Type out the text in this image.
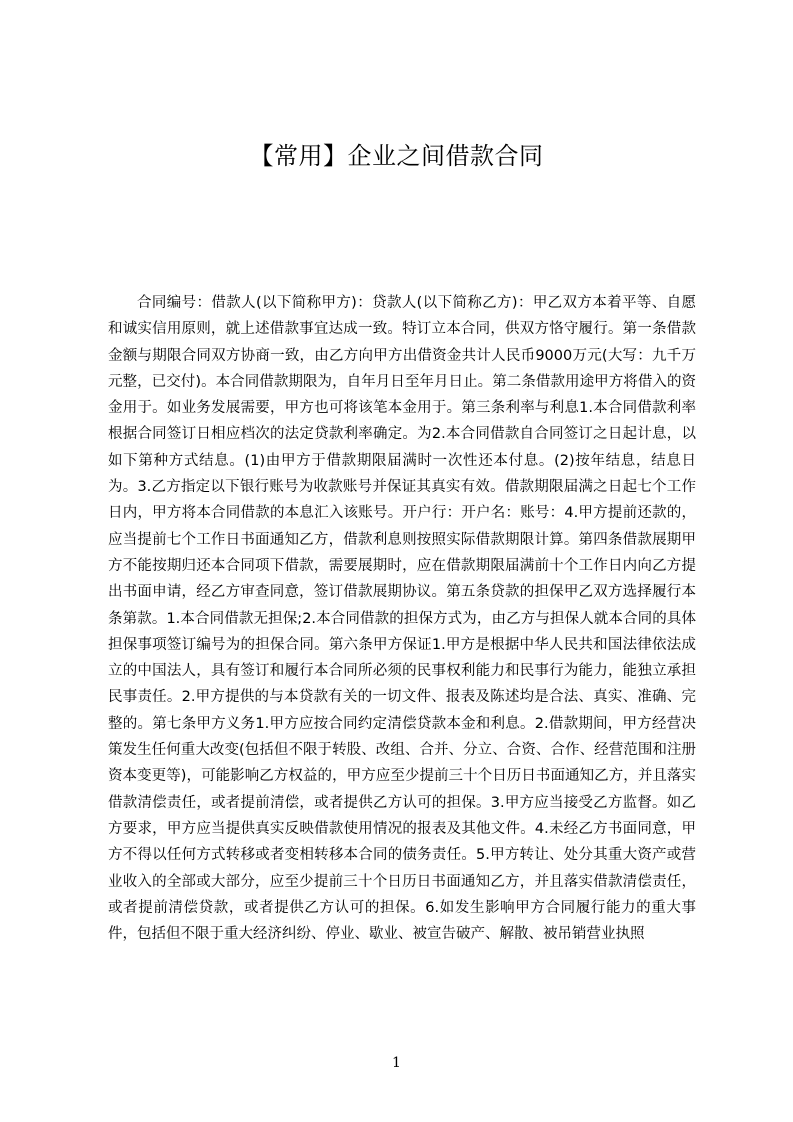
【常用】企业之间借款合同

合同编号：借款人(以下简称甲方)：贷款人(以下简称乙方)：甲乙双方本着平等、自愿和诚实信用原则，就上述借款事宜达成一致。特订立本合同，供双方恪守履行。第一条借款金额与期限合同双方协商一致，由乙方向甲方出借资金共计人民币9000万元(大写：九千万元整，已交付)。本合同借款期限为，自年月日至年月日止。第二条借款用途甲方将借入的资金用于。如业务发展需要，甲方也可将该笔本金用于。第三条利率与利息1.本合同借款利率根据合同签订日相应档次的法定贷款利率确定。为2.本合同借款自合同签订之日起计息，以如下第种方式结息。(1)由甲方于借款期限届满时一次性还本付息。(2)按年结息，结息日为。3.乙方指定以下银行账号为收款账号并保证其真实有效。借款期限届满之日起七个工作日内，甲方将本合同借款的本息汇入该账号。开户行：开户名：账号：4.甲方提前还款的，应当提前七个工作日书面通知乙方，借款利息则按照实际借款期限计算。第四条借款展期甲方不能按期归还本合同项下借款，需要展期时，应在借款期限届满前十个工作日内向乙方提出书面申请，经乙方审查同意，签订借款展期协议。第五条贷款的担保甲乙双方选择履行本条第款。1.本合同借款无担保;2.本合同借款的担保方式为，由乙方与担保人就本合同的具体担保事项签订编号为的担保合同。第六条甲方保证1.甲方是根据中华人民共和国法律依法成立的中国法人，具有签订和履行本合同所必须的民事权利能力和民事行为能力，能独立承担民事责任。2.甲方提供的与本贷款有关的一切文件、报表及陈述均是合法、真实、准确、完整的。第七条甲方义务1.甲方应按合同约定清偿贷款本金和利息。2.借款期间，甲方经营决策发生任何重大改变(包括但不限于转股、改组、合并、分立、合资、合作、经营范围和注册资本变更等)，可能影响乙方权益的，甲方应至少提前三十个日历日书面通知乙方，并且落实借款清偿责任，或者提前清偿，或者提供乙方认可的担保。3.甲方应当接受乙方监督。如乙方要求，甲方应当提供真实反映借款使用情况的报表及其他文件。4.未经乙方书面同意，甲方不得以任何方式转移或者变相转移本合同的债务责任。5.甲方转让、处分其重大资产或营业收入的全部或大部分，应至少提前三十个日历日书面通知乙方，并且落实借款清偿责任，或者提前清偿贷款，或者提供乙方认可的担保。6.如发生影响甲方合同履行能力的重大事件，包括但不限于重大经济纠纷、停业、歇业、被宣告破产、解散、被吊销营业执照

1
